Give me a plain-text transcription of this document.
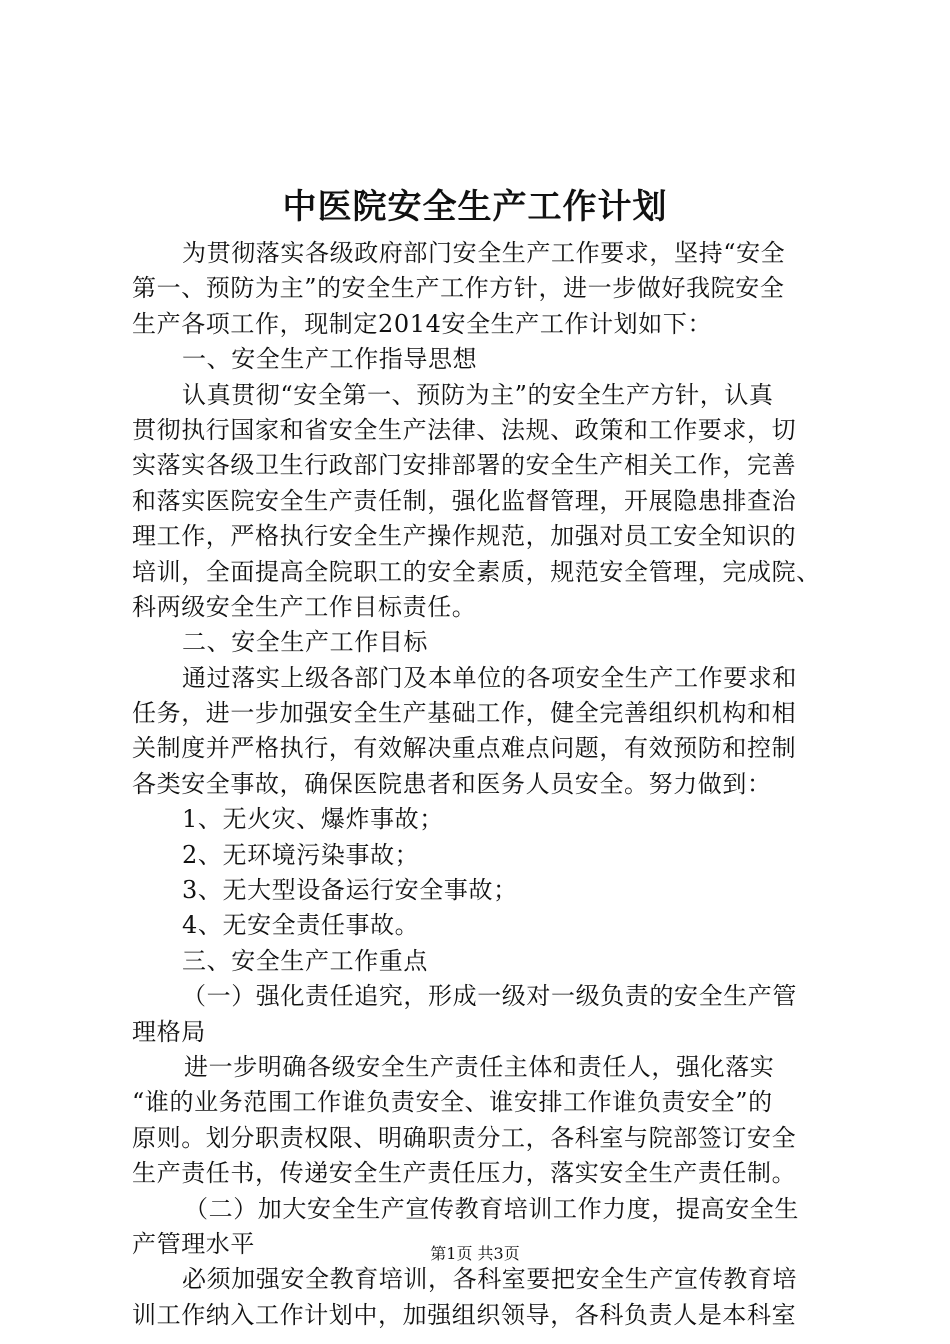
中医院安全生产工作计划
为贯彻落实各级政府部门安全生产工作要求，坚持“安全
第一、预防为主”的安全生产工作方针，进一步做好我院安全
生产各项工作，现制定2014安全生产工作计划如下：
一、安全生产工作指导思想
认真贯彻“安全第一、预防为主”的安全生产方针，认真
贯彻执行国家和省安全生产法律、法规、政策和工作要求，切
实落实各级卫生行政部门安排部署的安全生产相关工作，完善
和落实医院安全生产责任制，强化监督管理，开展隐患排查治
理工作，严格执行安全生产操作规范，加强对员工安全知识的
培训，全面提高全院职工的安全素质，规范安全管理，完成院、
科两级安全生产工作目标责任。
二、安全生产工作目标
通过落实上级各部门及本单位的各项安全生产工作要求和
任务，进一步加强安全生产基础工作，健全完善组织机构和相
关制度并严格执行，有效解决重点难点问题，有效预防和控制
各类安全事故，确保医院患者和医务人员安全。努力做到：
1、无火灾、爆炸事故；
2、无环境污染事故；
3、无大型设备运行安全事故；
4、无安全责任事故。
三、安全生产工作重点
（一）强化责任追究，形成一级对一级负责的安全生产管
理格局
进一步明确各级安全生产责任主体和责任人，强化落实
“谁的业务范围工作谁负责安全、谁安排工作谁负责安全”的
原则。划分职责权限、明确职责分工，各科室与院部签订安全
生产责任书，传递安全生产责任压力，落实安全生产责任制。
（二）加大安全生产宣传教育培训工作力度，提高安全生
产管理水平
必须加强安全教育培训，各科室要把安全生产宣传教育培
训工作纳入工作计划中，加强组织领导，各科负责人是本科室
第1页 共3页
